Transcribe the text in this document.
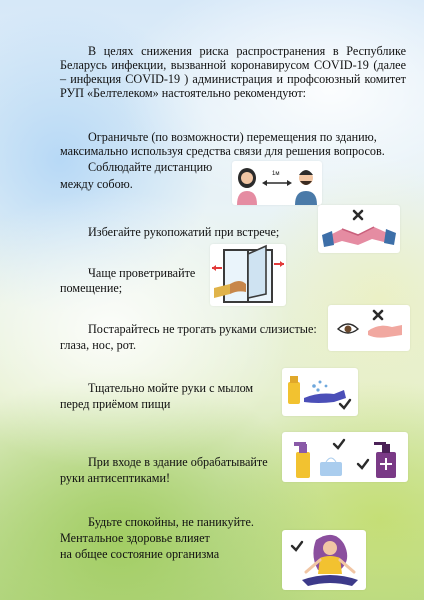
В целях снижения риска распространения в Республике Беларусь инфекции, вызванной коронавирусом COVID-19 (далее – инфекция COVID-19 ) администрация и профсоюзный комитет РУП «Белтелеком» настоятельно рекомендуют:

Ограничьте (по возможности) перемещения по зданию, максимально используя средства связи для решения вопросов.

Соблюдайте дистанцию
между собою.
1м
Избегайте рукопожатий при встрече;
Чаще проветривайте
помещение;
Постарайтесь не трогать руками слизистые:
глаза, нос, рот.
Тщательно мойте руки с мылом
перед приёмом пищи
При входе в здание обрабатывайте
руки антисептиками!
Будьте спокойны, не паникуйте.
Ментальное здоровье влияет
на общее состояние организма
